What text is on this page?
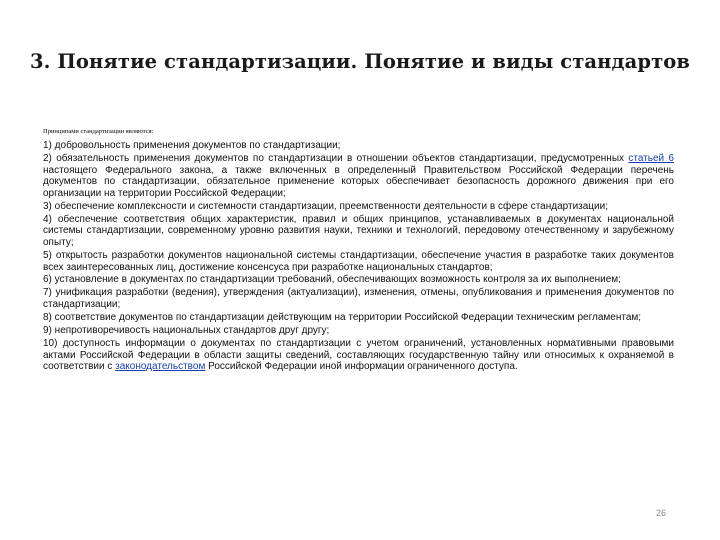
3. Понятие стандартизации. Понятие и виды стандартов
Принципами стандартизации являются:

1) добровольность применения документов по стандартизации;

2) обязательность применения документов по стандартизации в отношении объектов стандартизации, предусмотренных статьей 6 настоящего Федерального закона, а также включенных в определенный Правительством Российской Федерации перечень документов по стандартизации, обязательное применение которых обеспечивает безопасность дорожного движения при его организации на территории Российской Федерации;

3) обеспечение комплексности и системности стандартизации, преемственности деятельности в сфере стандартизации;

4) обеспечение соответствия общих характеристик, правил и общих принципов, устанавливаемых в документах национальной системы стандартизации, современному уровню развития науки, техники и технологий, передовому отечественному и зарубежному опыту;

5) открытость разработки документов национальной системы стандартизации, обеспечение участия в разработке таких документов всех заинтересованных лиц, достижение консенсуса при разработке национальных стандартов;

6) установление в документах по стандартизации требований, обеспечивающих возможность контроля за их выполнением;

7) унификация разработки (ведения), утверждения (актуализации), изменения, отмены, опубликования и применения документов по стандартизации;

8) соответствие документов по стандартизации действующим на территории Российской Федерации техническим регламентам;

9) непротиворечивость национальных стандартов друг другу;

10) доступность информации о документах по стандартизации с учетом ограничений, установленных нормативными правовыми актами Российской Федерации в области защиты сведений, составляющих государственную тайну или относимых к охраняемой в соответствии с законодательством Российской Федерации иной информации ограниченного доступа.

26
